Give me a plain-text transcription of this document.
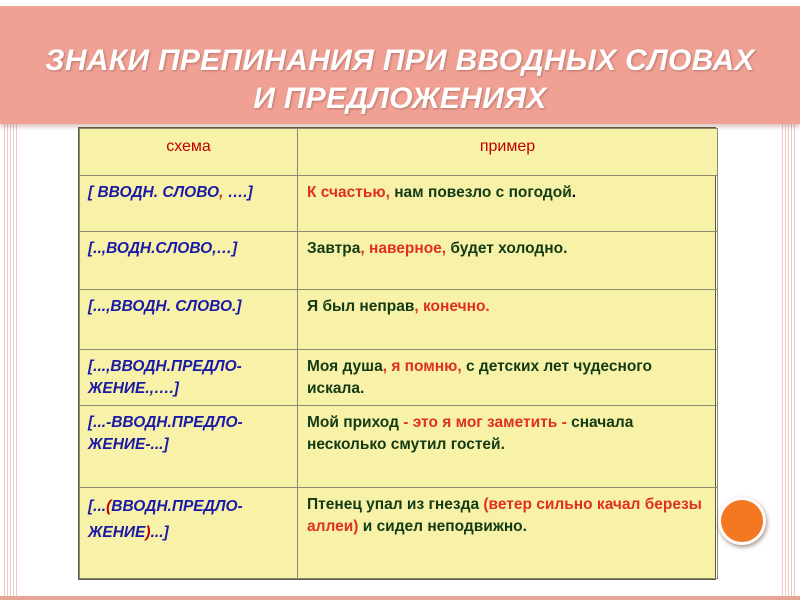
ЗНАКИ ПРЕПИНАНИЯ ПРИ ВВОДНЫХ СЛОВАХ
И ПРЕДЛОЖЕНИЯХ
схема	пример
[ ВВОДН. СЛОВО, ….]	К счастью, нам повезло с погодой.
[..,ВОДН.СЛОВО,…]	Завтра, наверное, будет холодно.
[...,ВВОДН. СЛОВО.]	Я был неправ, конечно.
[...,ВВОДН.ПРЕДЛО-ЖЕНИЕ.,….]	Моя душа, я помню, с детских лет чудесного искала.
[...-ВВОДН.ПРЕДЛО-ЖЕНИЕ-...]	Мой приход - это я мог заметить - сначала несколько смутил гостей.
[...(ВВОДН.ПРЕДЛО-ЖЕНИЕ)...]	Птенец упал из гнезда (ветер сильно качал березы аллеи) и сидел неподвижно.
